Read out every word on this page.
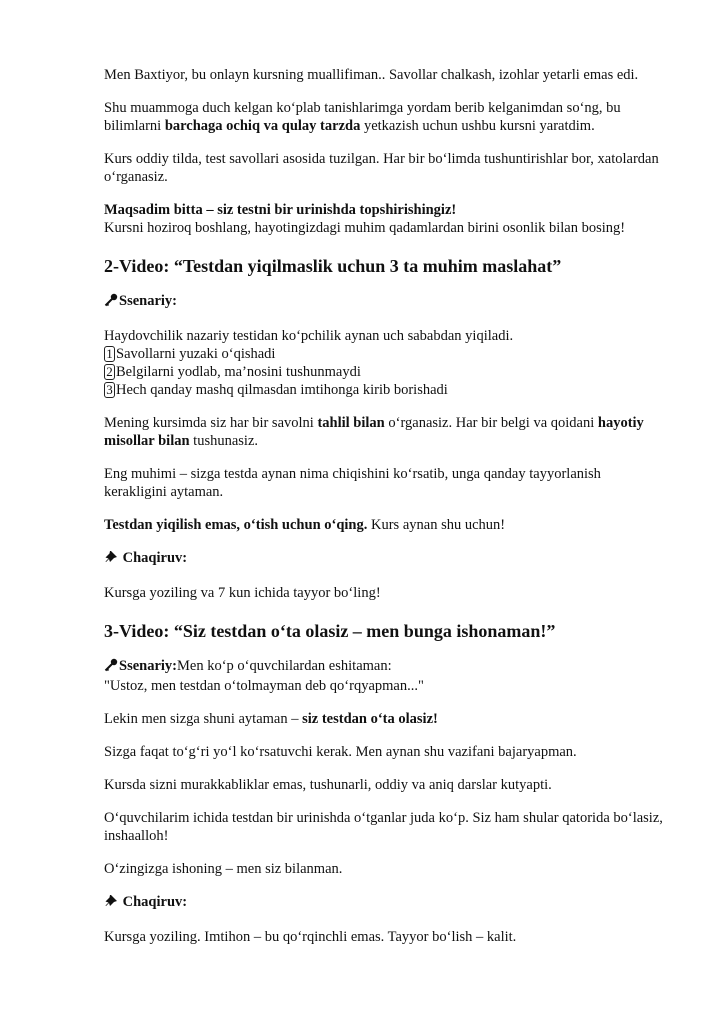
Men Baxtiyor, bu onlayn kursning muallifiman.. Savollar chalkash, izohlar yetarli emas edi.

Shu muammoga duch kelgan ko‘plab tanishlarimga yordam berib kelganimdan so‘ng, bu bilimlarni barchaga ochiq va qulay tarzda yetkazish uchun ushbu kursni yaratdim.

Kurs oddiy tilda, test savollari asosida tuzilgan. Har bir bo‘limda tushuntirishlar bor, xatolardan o‘rganasiz.

Maqsadim bitta – siz testni bir urinishda topshirishingiz!

Kursni hoziroq boshlang, hayotingizdagi muhim qadamlardan birini osonlik bilan bosing!

2-Video: “Testdan yiqilmaslik uchun 3 ta muhim maslahat”

Ssenariy:

Haydovchilik nazariy testidan ko‘pchilik aynan uch sababdan yiqiladi.

1 Savollarni yuzaki o‘qishadi

2 Belgilarni yodlab, ma’nosini tushunmaydi

3 Hech qanday mashq qilmasdan imtihonga kirib borishadi

Mening kursimda siz har bir savolni tahlil bilan o‘rganasiz. Har bir belgi va qoidani hayotiy misollar bilan tushunasiz.

Eng muhimi – sizga testda aynan nima chiqishini ko‘rsatib, unga qanday tayyorlanish kerakligini aytaman.

Testdan yiqilish emas, o‘tish uchun o‘qing. Kurs aynan shu uchun!

Chaqiruv:

Kursga yoziling va 7 kun ichida tayyor bo‘ling!

3-Video: “Siz testdan o‘ta olasiz – men bunga ishonaman!”

Ssenariy:Men ko‘p o‘quvchilardan eshitaman:

"Ustoz, men testdan o‘tolmayman deb qo‘rqyapman..."

Lekin men sizga shuni aytaman – siz testdan o‘ta olasiz!

Sizga faqat to‘g‘ri yo‘l ko‘rsatuvchi kerak. Men aynan shu vazifani bajaryapman.

Kursda sizni murakkabliklar emas, tushunarli, oddiy va aniq darslar kutyapti.

O‘quvchilarim ichida testdan bir urinishda o‘tganlar juda ko‘p. Siz ham shular qatorida bo‘lasiz, inshaalloh!

O‘zingizga ishoning – men siz bilanman.

Chaqiruv:

Kursga yoziling. Imtihon – bu qo‘rqinchli emas. Tayyor bo‘lish – kalit.
